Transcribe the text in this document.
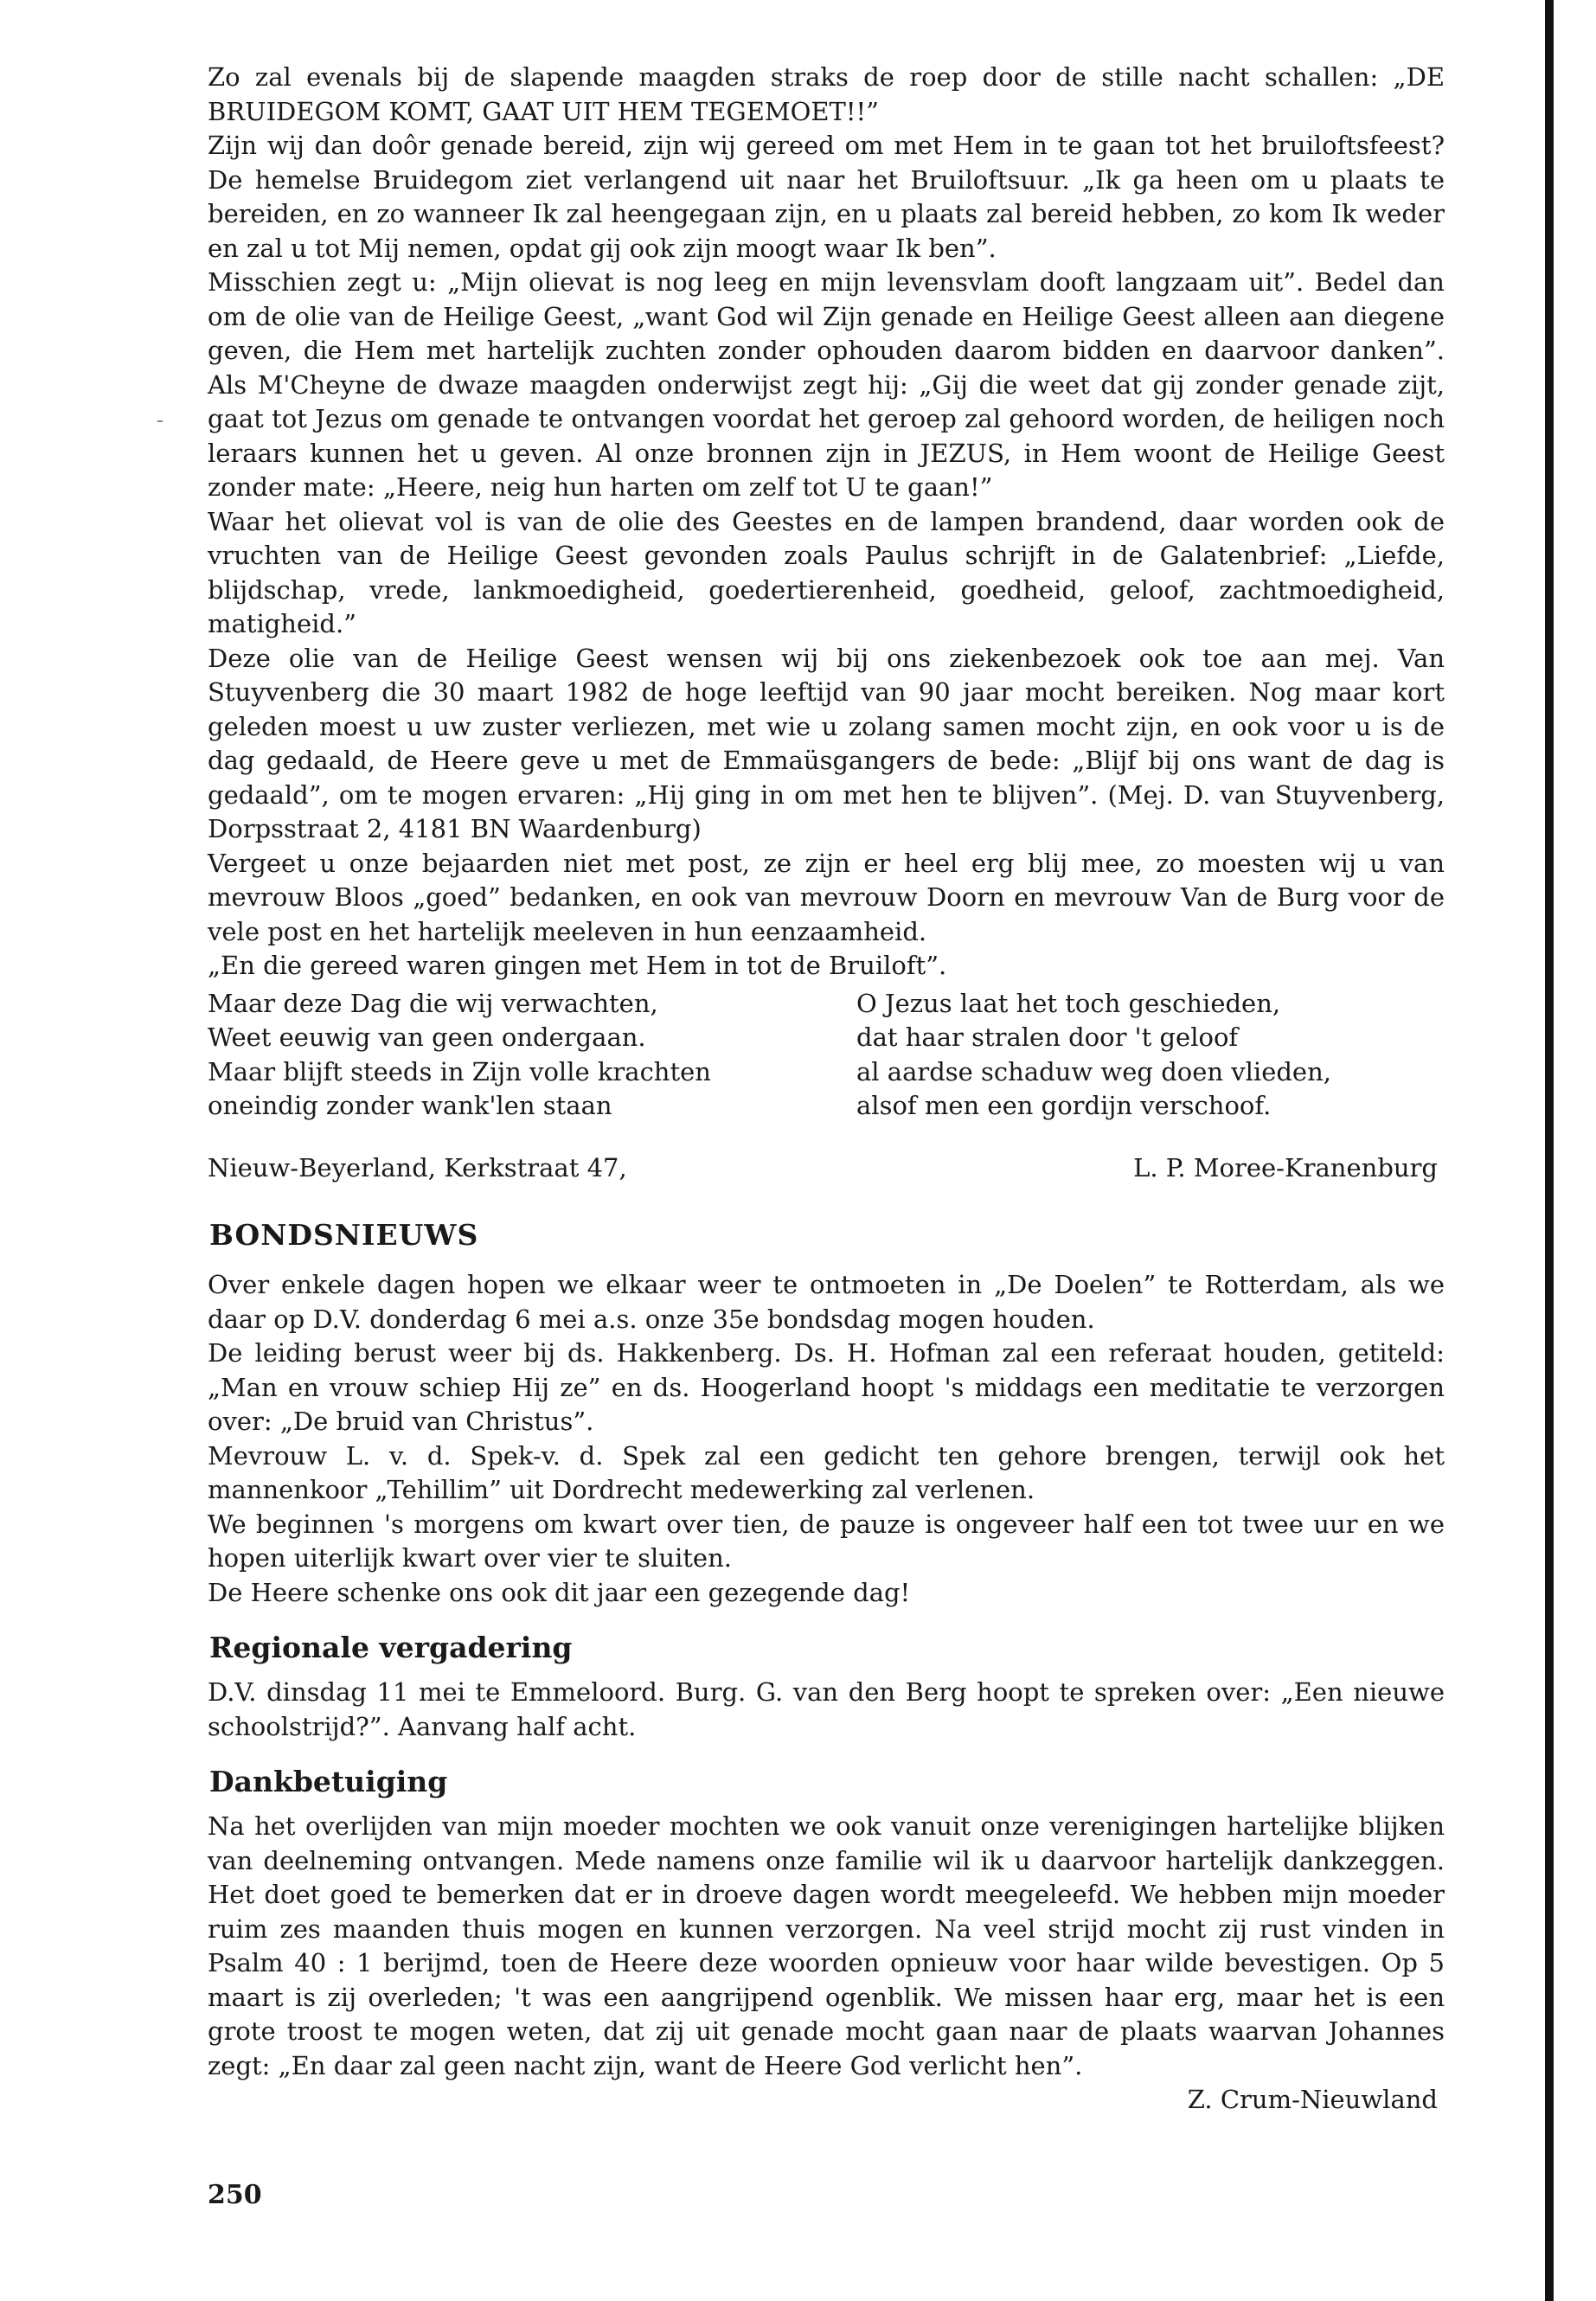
Zo zal evenals bij de slapende maagden straks de roep door de stille nacht schallen: „DE BRUIDEGOM KOMT, GAAT UIT HEM TEGEMOET!!”

Zijn wij dan doôr genade bereid, zijn wij gereed om met Hem in te gaan tot het bruiloftsfeest? De hemelse Bruidegom ziet verlangend uit naar het Bruiloftsuur. „Ik ga heen om u plaats te bereiden, en zo wanneer Ik zal heengegaan zijn, en u plaats zal bereid hebben, zo kom Ik weder en zal u tot Mij nemen, opdat gij ook zijn moogt waar Ik ben”.

Misschien zegt u: „Mijn olievat is nog leeg en mijn levensvlam dooft langzaam uit”. Bedel dan om de olie van de Heilige Geest, „want God wil Zijn genade en Heilige Geest alleen aan diegene geven, die Hem met hartelijk zuchten zonder ophouden daarom bidden en daarvoor danken”. Als M'Cheyne de dwaze maagden onderwijst zegt hij: „Gij die weet dat gij zonder genade zijt, gaat tot Jezus om genade te ontvangen voordat het geroep zal gehoord worden, de heiligen noch leraars kunnen het u geven. Al onze bronnen zijn in JEZUS, in Hem woont de Heilige Geest zonder mate: „Heere, neig hun harten om zelf tot U te gaan!”

Waar het olievat vol is van de olie des Geestes en de lampen brandend, daar worden ook de vruchten van de Heilige Geest gevonden zoals Paulus schrijft in de Galatenbrief: „Liefde, blijdschap, vrede, lankmoedigheid, goedertierenheid, goedheid, geloof, zachtmoedigheid, matigheid.”

Deze olie van de Heilige Geest wensen wij bij ons ziekenbezoek ook toe aan mej. Van Stuyvenberg die 30 maart 1982 de hoge leeftijd van 90 jaar mocht bereiken. Nog maar kort geleden moest u uw zuster verliezen, met wie u zolang samen mocht zijn, en ook voor u is de dag gedaald, de Heere geve u met de Emmaüsgangers de bede: „Blijf bij ons want de dag is gedaald”, om te mogen ervaren: „Hij ging in om met hen te blijven”. (Mej. D. van Stuyvenberg, Dorpsstraat 2, 4181 BN Waardenburg)

Vergeet u onze bejaarden niet met post, ze zijn er heel erg blij mee, zo moesten wij u van mevrouw Bloos „goed” bedanken, en ook van mevrouw Doorn en mevrouw Van de Burg voor de vele post en het hartelijk meeleven in hun eenzaamheid.

„En die gereed waren gingen met Hem in tot de Bruiloft”.

Maar deze Dag die wij verwachten,
Weet eeuwig van geen ondergaan.
Maar blijft steeds in Zijn volle krachten
oneindig zonder wank'len staan
O Jezus laat het toch geschieden,
dat haar stralen door 't geloof
al aardse schaduw weg doen vlieden,
alsof men een gordijn verschoof.
Nieuw-Beyerland, Kerkstraat 47,	L. P. Moree-Kranenburg
BONDSNIEUWS

Over enkele dagen hopen we elkaar weer te ontmoeten in „De Doelen” te Rotterdam, als we daar op D.V. donderdag 6 mei a.s. onze 35e bondsdag mogen houden.

De leiding berust weer bij ds. Hakkenberg. Ds. H. Hofman zal een referaat houden, getiteld: „Man en vrouw schiep Hij ze” en ds. Hoogerland hoopt 's middags een meditatie te verzorgen over: „De bruid van Christus”.

Mevrouw L. v. d. Spek-v. d. Spek zal een gedicht ten gehore brengen, terwijl ook het mannenkoor „Tehillim” uit Dordrecht medewerking zal verlenen.

We beginnen 's morgens om kwart over tien, de pauze is ongeveer half een tot twee uur en we hopen uiterlijk kwart over vier te sluiten.

De Heere schenke ons ook dit jaar een gezegende dag!

Regionale vergadering

D.V. dinsdag 11 mei te Emmeloord. Burg. G. van den Berg hoopt te spreken over: „Een nieuwe schoolstrijd?”. Aanvang half acht.

Dankbetuiging

Na het overlijden van mijn moeder mochten we ook vanuit onze verenigingen hartelijke blijken van deelneming ontvangen. Mede namens onze familie wil ik u daarvoor hartelijk dankzeggen. Het doet goed te bemerken dat er in droeve dagen wordt meegeleefd. We hebben mijn moeder ruim zes maanden thuis mogen en kunnen verzorgen. Na veel strijd mocht zij rust vinden in Psalm 40 : 1 berijmd, toen de Heere deze woorden opnieuw voor haar wilde bevestigen. Op 5 maart is zij overleden; 't was een aangrijpend ogenblik. We missen haar erg, maar het is een grote troost te mogen weten, dat zij uit genade mocht gaan naar de plaats waarvan Johannes zegt: „En daar zal geen nacht zijn, want de Heere God verlicht hen”.

Z. Crum-Nieuwland
250
